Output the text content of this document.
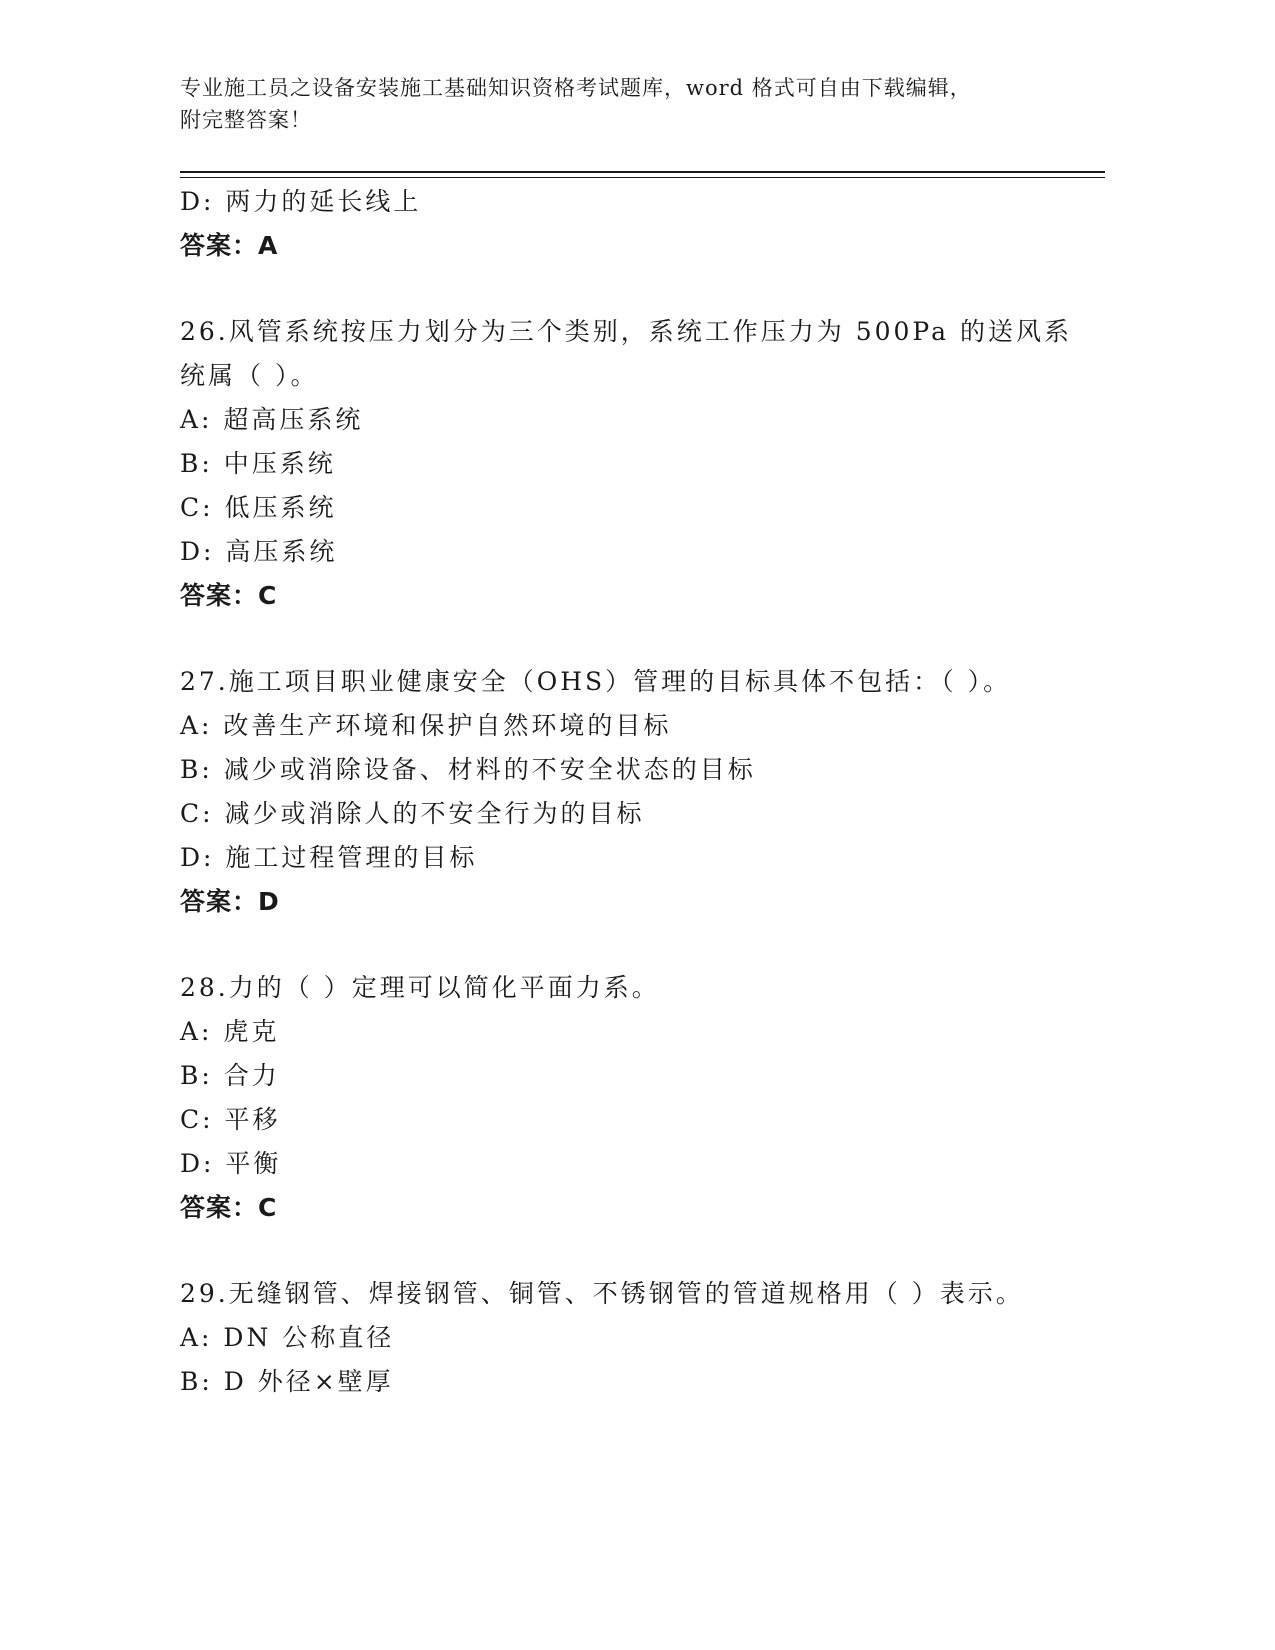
专业施工员之设备安装施工基础知识资格考试题库，word 格式可自由下载编辑，
附完整答案！
D: 两力的延长线上
答案：A
26.风管系统按压力划分为三个类别，系统工作压力为 500Pa 的送风系
统属（ ）。
A: 超高压系统
B: 中压系统
C: 低压系统
D: 高压系统
答案：C
27.施工项目职业健康安全（OHS）管理的目标具体不包括：（ ）。
A: 改善生产环境和保护自然环境的目标
B: 减少或消除设备、材料的不安全状态的目标
C: 减少或消除人的不安全行为的目标
D: 施工过程管理的目标
答案：D
28.力的（ ）定理可以简化平面力系。
A: 虎克
B: 合力
C: 平移
D: 平衡
答案：C
29.无缝钢管、焊接钢管、铜管、不锈钢管的管道规格用（ ）表示。
A: DN 公称直径
B: D 外径×壁厚
